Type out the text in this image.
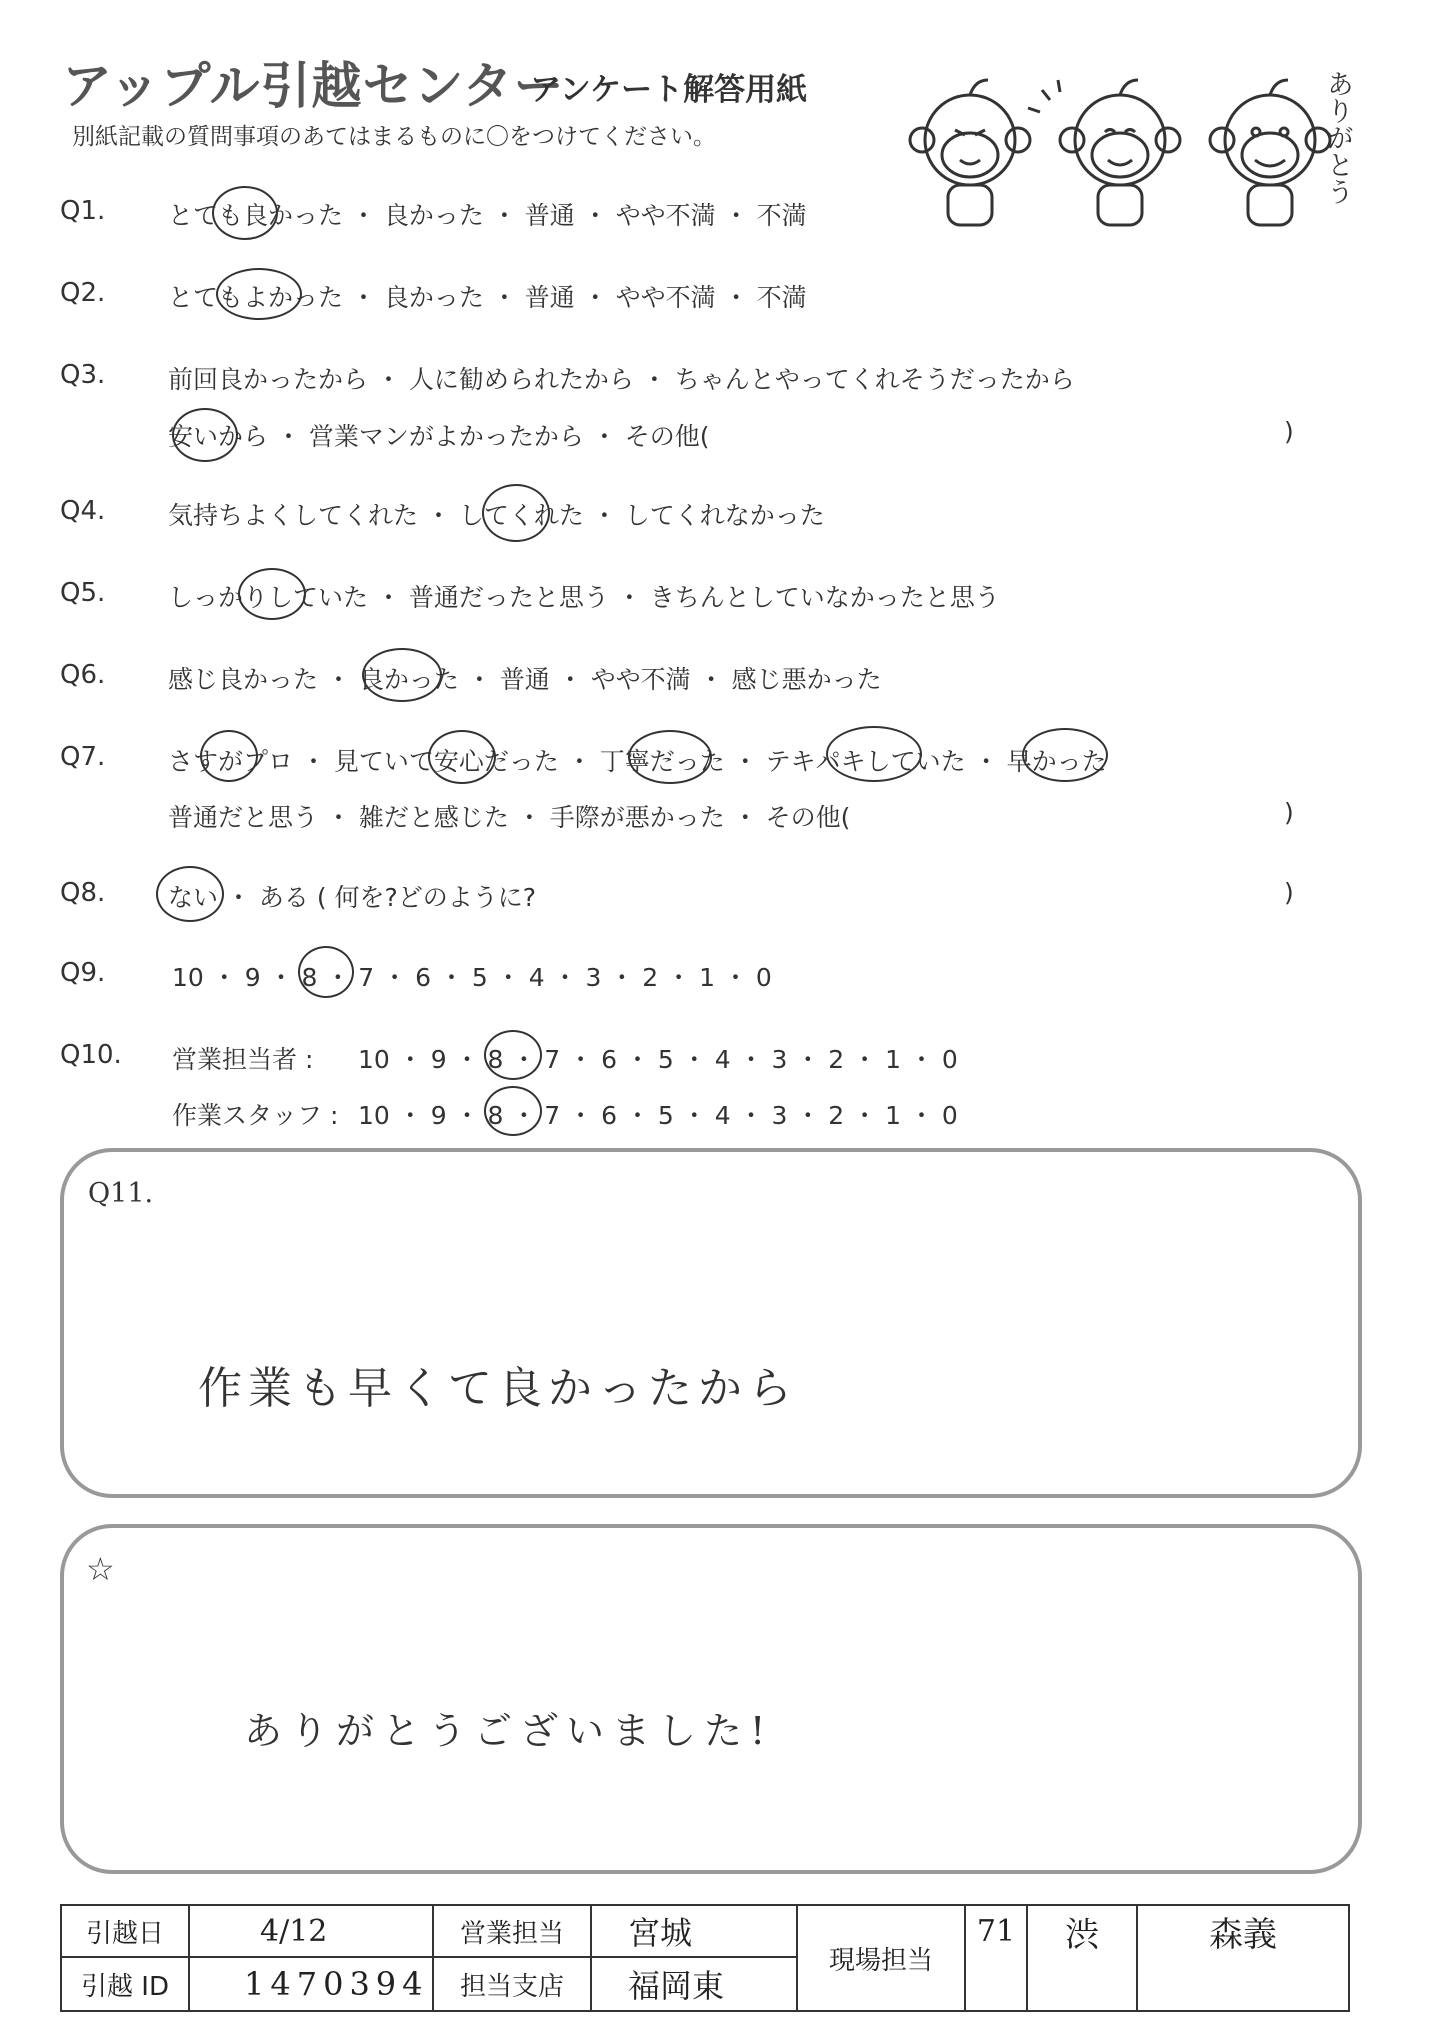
アップル引越センター
アンケート解答用紙
別紙記載の質問事項のあてはまるものに〇をつけてください。	ありがとう
Q1.	とても良かった ・ 良かった ・ 普通 ・ やや不満 ・ 不満
Q2.	とてもよかった ・ 良かった ・ 普通 ・ やや不満 ・ 不満
Q3.	前回良かったから ・ 人に勧められたから ・ ちゃんとやってくれそうだったから
安いから ・ 営業マンがよかったから ・ その他(	)
Q4.	気持ちよくしてくれた ・ してくれた ・ してくれなかった
Q5.	しっかりしていた ・ 普通だったと思う ・ きちんとしていなかったと思う
Q6.	感じ良かった ・ 良かった ・ 普通 ・ やや不満 ・ 感じ悪かった
Q7.	さすがプロ ・ 見ていて安心だった ・ 丁寧だった ・ テキパキしていた ・ 早かった
普通だと思う ・ 雑だと感じた ・ 手際が悪かった ・ その他(	)
Q8.	ない ・ ある ( 何を?どのように?	)
Q9.	10 ・ 9 ・ 8 ・ 7 ・ 6 ・ 5 ・ 4 ・ 3 ・ 2 ・ 1 ・ 0
Q10. 営業担当者 : 10 ・ 9 ・ 8 ・ 7 ・ 6 ・ 5 ・ 4 ・ 3 ・ 2 ・ 1 ・ 0
作業スタッフ : 10 ・ 9 ・ 8 ・ 7 ・ 6 ・ 5 ・ 4 ・ 3 ・ 2 ・ 1 ・ 0
Q11.
作業も早くて良かったから
☆
ありがとうございました!
引越日	4/12	営業担当	宮城	現場担当	71	渋	森義
引越 ID	1470394	担当支店	福岡東				
